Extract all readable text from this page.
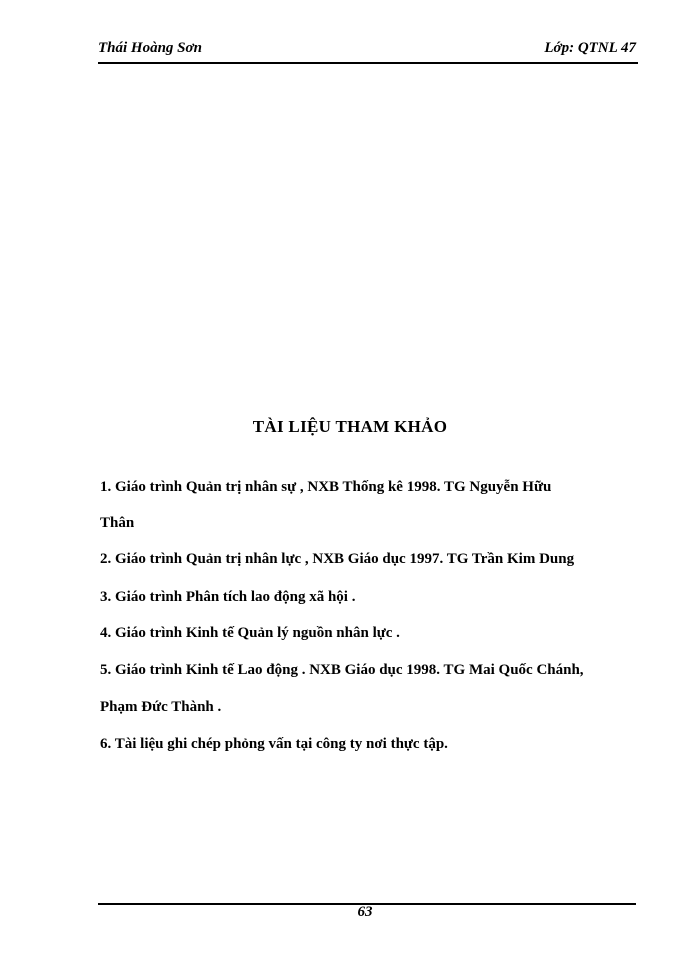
Thái Hoàng Sơn	Lớp: QTNL 47
TÀI LIỆU THAM KHẢO
1. Giáo trình Quản trị nhân sự , NXB Thống kê 1998. TG Nguyễn Hữu
Thân
2. Giáo trình Quản trị nhân lực , NXB Giáo dục 1997. TG Trần Kim Dung
3. Giáo trình Phân tích lao động xã hội .
4. Giáo trình Kinh tế Quản lý nguồn nhân lực .
5. Giáo trình Kinh tế Lao động . NXB Giáo dục 1998. TG Mai Quốc Chánh,
Phạm Đức Thành .
6. Tài liệu ghi chép phỏng vấn tại công ty nơi thực tập.
63
